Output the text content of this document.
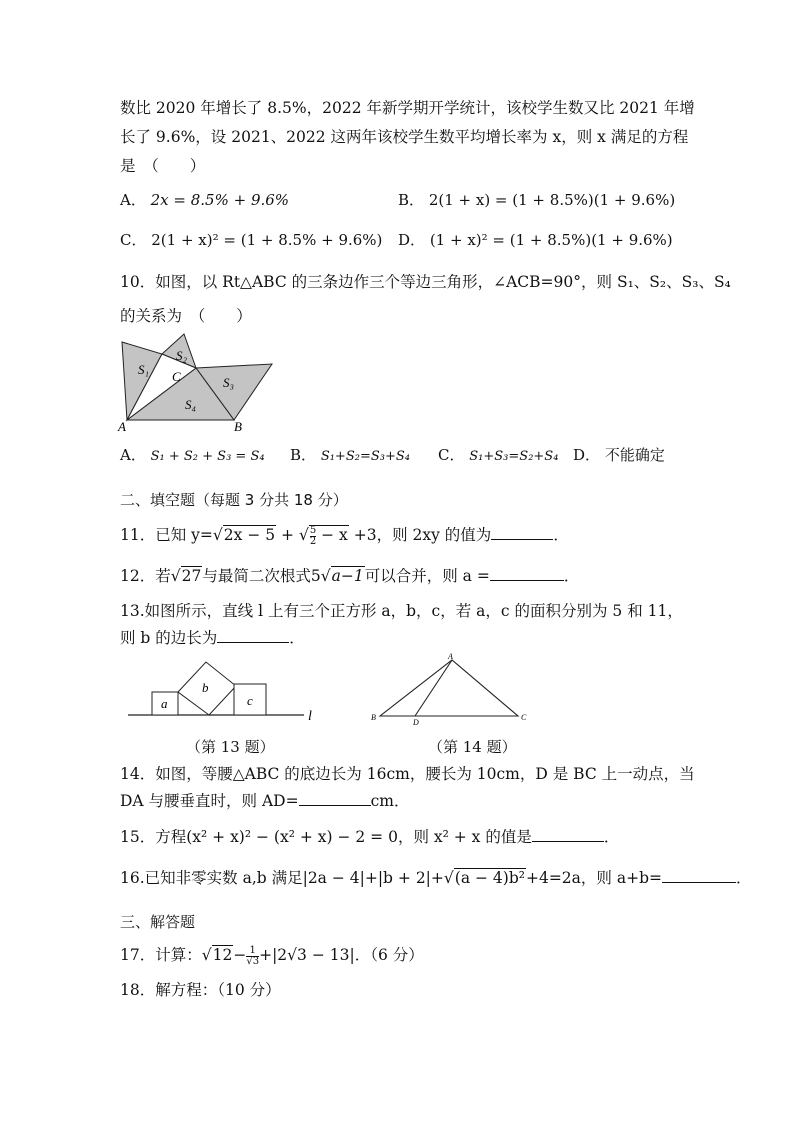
数比 2020 年增长了 8.5%，2022 年新学期开学统计，该校学生数又比 2021 年增
长了 9.6%，设 2021、2022 这两年该校学生数平均增长率为 x，则 x 满足的方程
是　（　　）
A． 2x = 8.5% + 9.6%	B． 2(1 + x) = (1 + 8.5%)(1 + 9.6%)
C． 2(1 + x)² = (1 + 8.5% + 9.6%) D． (1 + x)² = (1 + 8.5%)(1 + 9.6%)
10．如图，以 Rt△ABC 的三条边作三个等边三角形，∠ACB=90°，则 S₁、S₂、S₃、S₄
的关系为　（　　）
S₁
S₂
S₃
S₄
C
A	B
A． S₁ + S₂ + S₃ = S₄ B． S₁+S₂=S₃+S₄ C． S₁+S₃=S₂+S₄ D． 不能确定
二、填空题（每题 3 分共 18 分）
11．已知 y=√2x − 5 + √ $\frac{5}{2} - x +3$，则 2xy 的值为	．
12．若√27与最简二次根式5√a−1可以合并，则 a =	．
13.如图所示，直线 l 上有三个正方形 a，b，c，若 a，c 的面积分别为 5 和 11，
则 b 的边长为	．
a
b
c
l
A
B
D
C
（第 13 题）	（第 14 题）
14．如图，等腰△ABC 的底边长为 16cm，腰长为 10cm，D 是 BC 上一动点，当
DA 与腰垂直时，则 AD=	cm．
15．方程(x² + x)² − (x² + x) − 2 = 0，则 x² + x 的值是	．
16.已知非零实数 a,b 满足|2a − 4|+|b + 2|+√(a − 4)b²+4=2a，则 a+b=	．
三、解答题
17．计算：$√12- \frac{1}{√3} +|2√3 - 13|$．（6 分）
18．解方程：（10 分）
